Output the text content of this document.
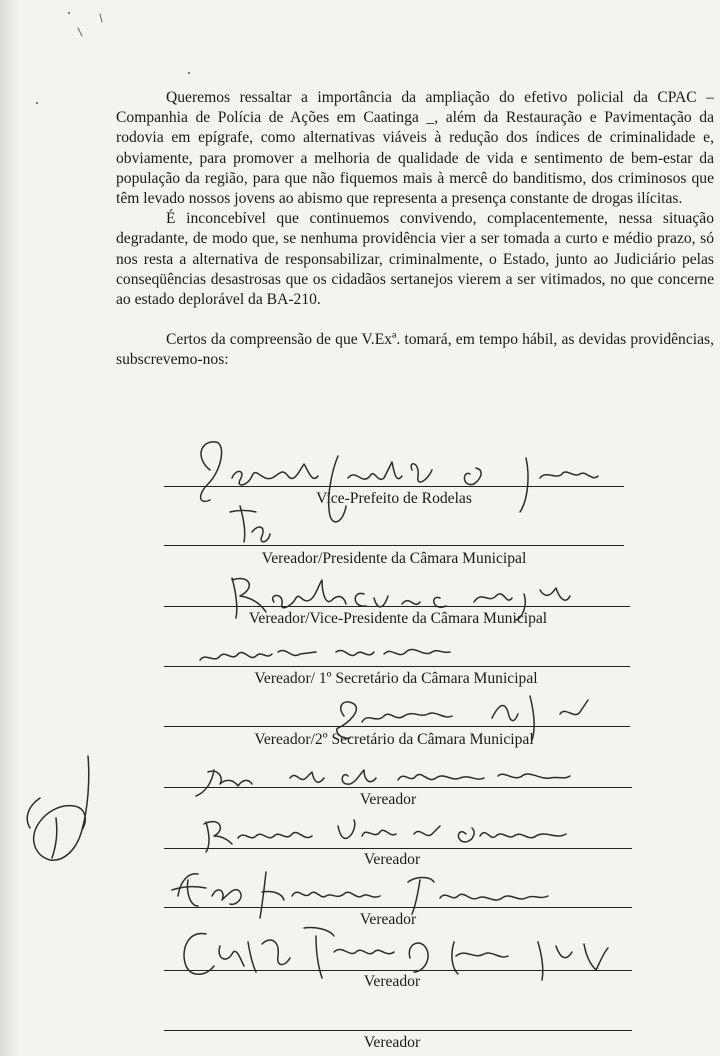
Queremos ressaltar a importância da ampliação do efetivo policial da CPAC – Companhia de Polícia de Ações em Caatinga _, além da Restauração e Pavimentação da rodovia em epígrafe, como alternativas viáveis à redução dos índices de criminalidade e, obviamente, para promover a melhoria de qualidade de vida e sentimento de bem-estar da população da região, para que não fiquemos mais à mercê do banditismo, dos criminosos que têm levado nossos jovens ao abismo que representa a presença constante de drogas ilícitas.

É inconcebível que continuemos convivendo, complacentemente, nessa situação degradante, de modo que, se nenhuma providência vier a ser tomada a curto e médio prazo, só nos resta a alternativa de responsabilizar, criminalmente, o Estado, junto ao Judiciário pelas conseqüências desastrosas que os cidadãos sertanejos vierem a ser vitimados, no que concerne ao estado deplorável da BA-210.

Certos da compreensão de que V.Exª. tomará, em tempo hábil, as devidas providências, subscrevemo-nos:

Vice-Prefeito de Rodelas
Vereador/Presidente da Câmara Municipal
Vereador/Vice-Presidente da Câmara Municipal
Vereador/ 1º Secretário da Câmara Municipal
Vereador/2º Secretário da Câmara Municipal
Vereador
Vereador
Vereador
Vereador
Vereador
